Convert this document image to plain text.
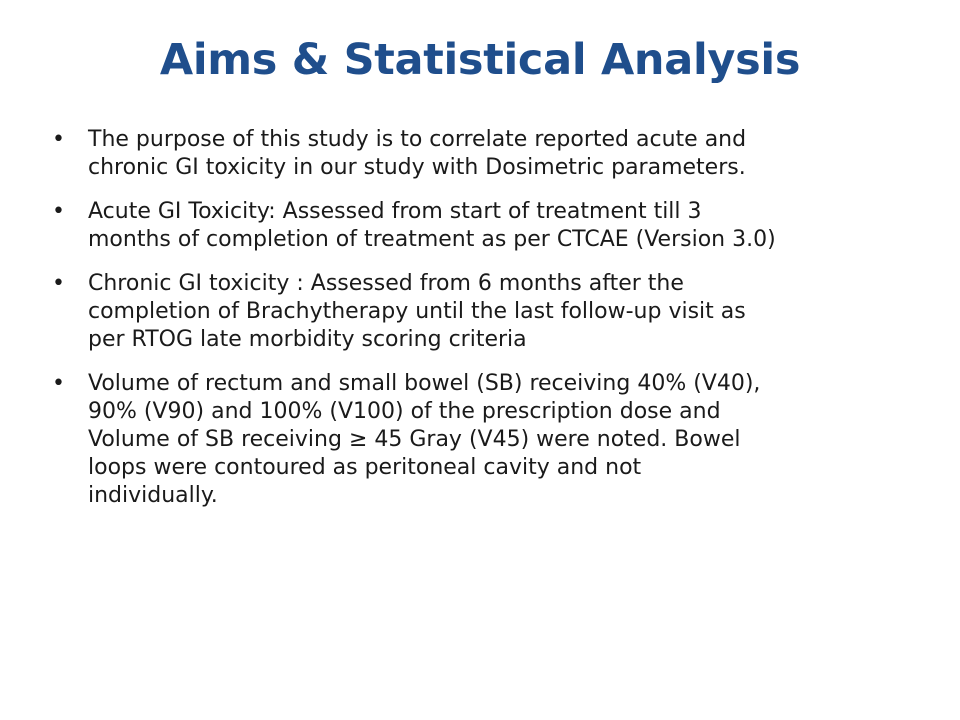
Aims & Statistical Analysis
• The purpose of this study is to correlate reported acute and
chronic GI toxicity in our study with Dosimetric parameters.
• Acute GI Toxicity: Assessed from start of treatment till 3
months of completion of treatment as per CTCAE (Version 3.0)
• Chronic GI toxicity : Assessed from 6 months after the
completion of Brachytherapy until the last follow-up visit as
per RTOG late morbidity scoring criteria
• Volume of rectum and small bowel (SB) receiving 40% (V40),
90% (V90) and 100% (V100) of the prescription dose and
Volume of SB receiving ≥ 45 Gray (V45) were noted. Bowel
loops were contoured as peritoneal cavity and not
individually.
